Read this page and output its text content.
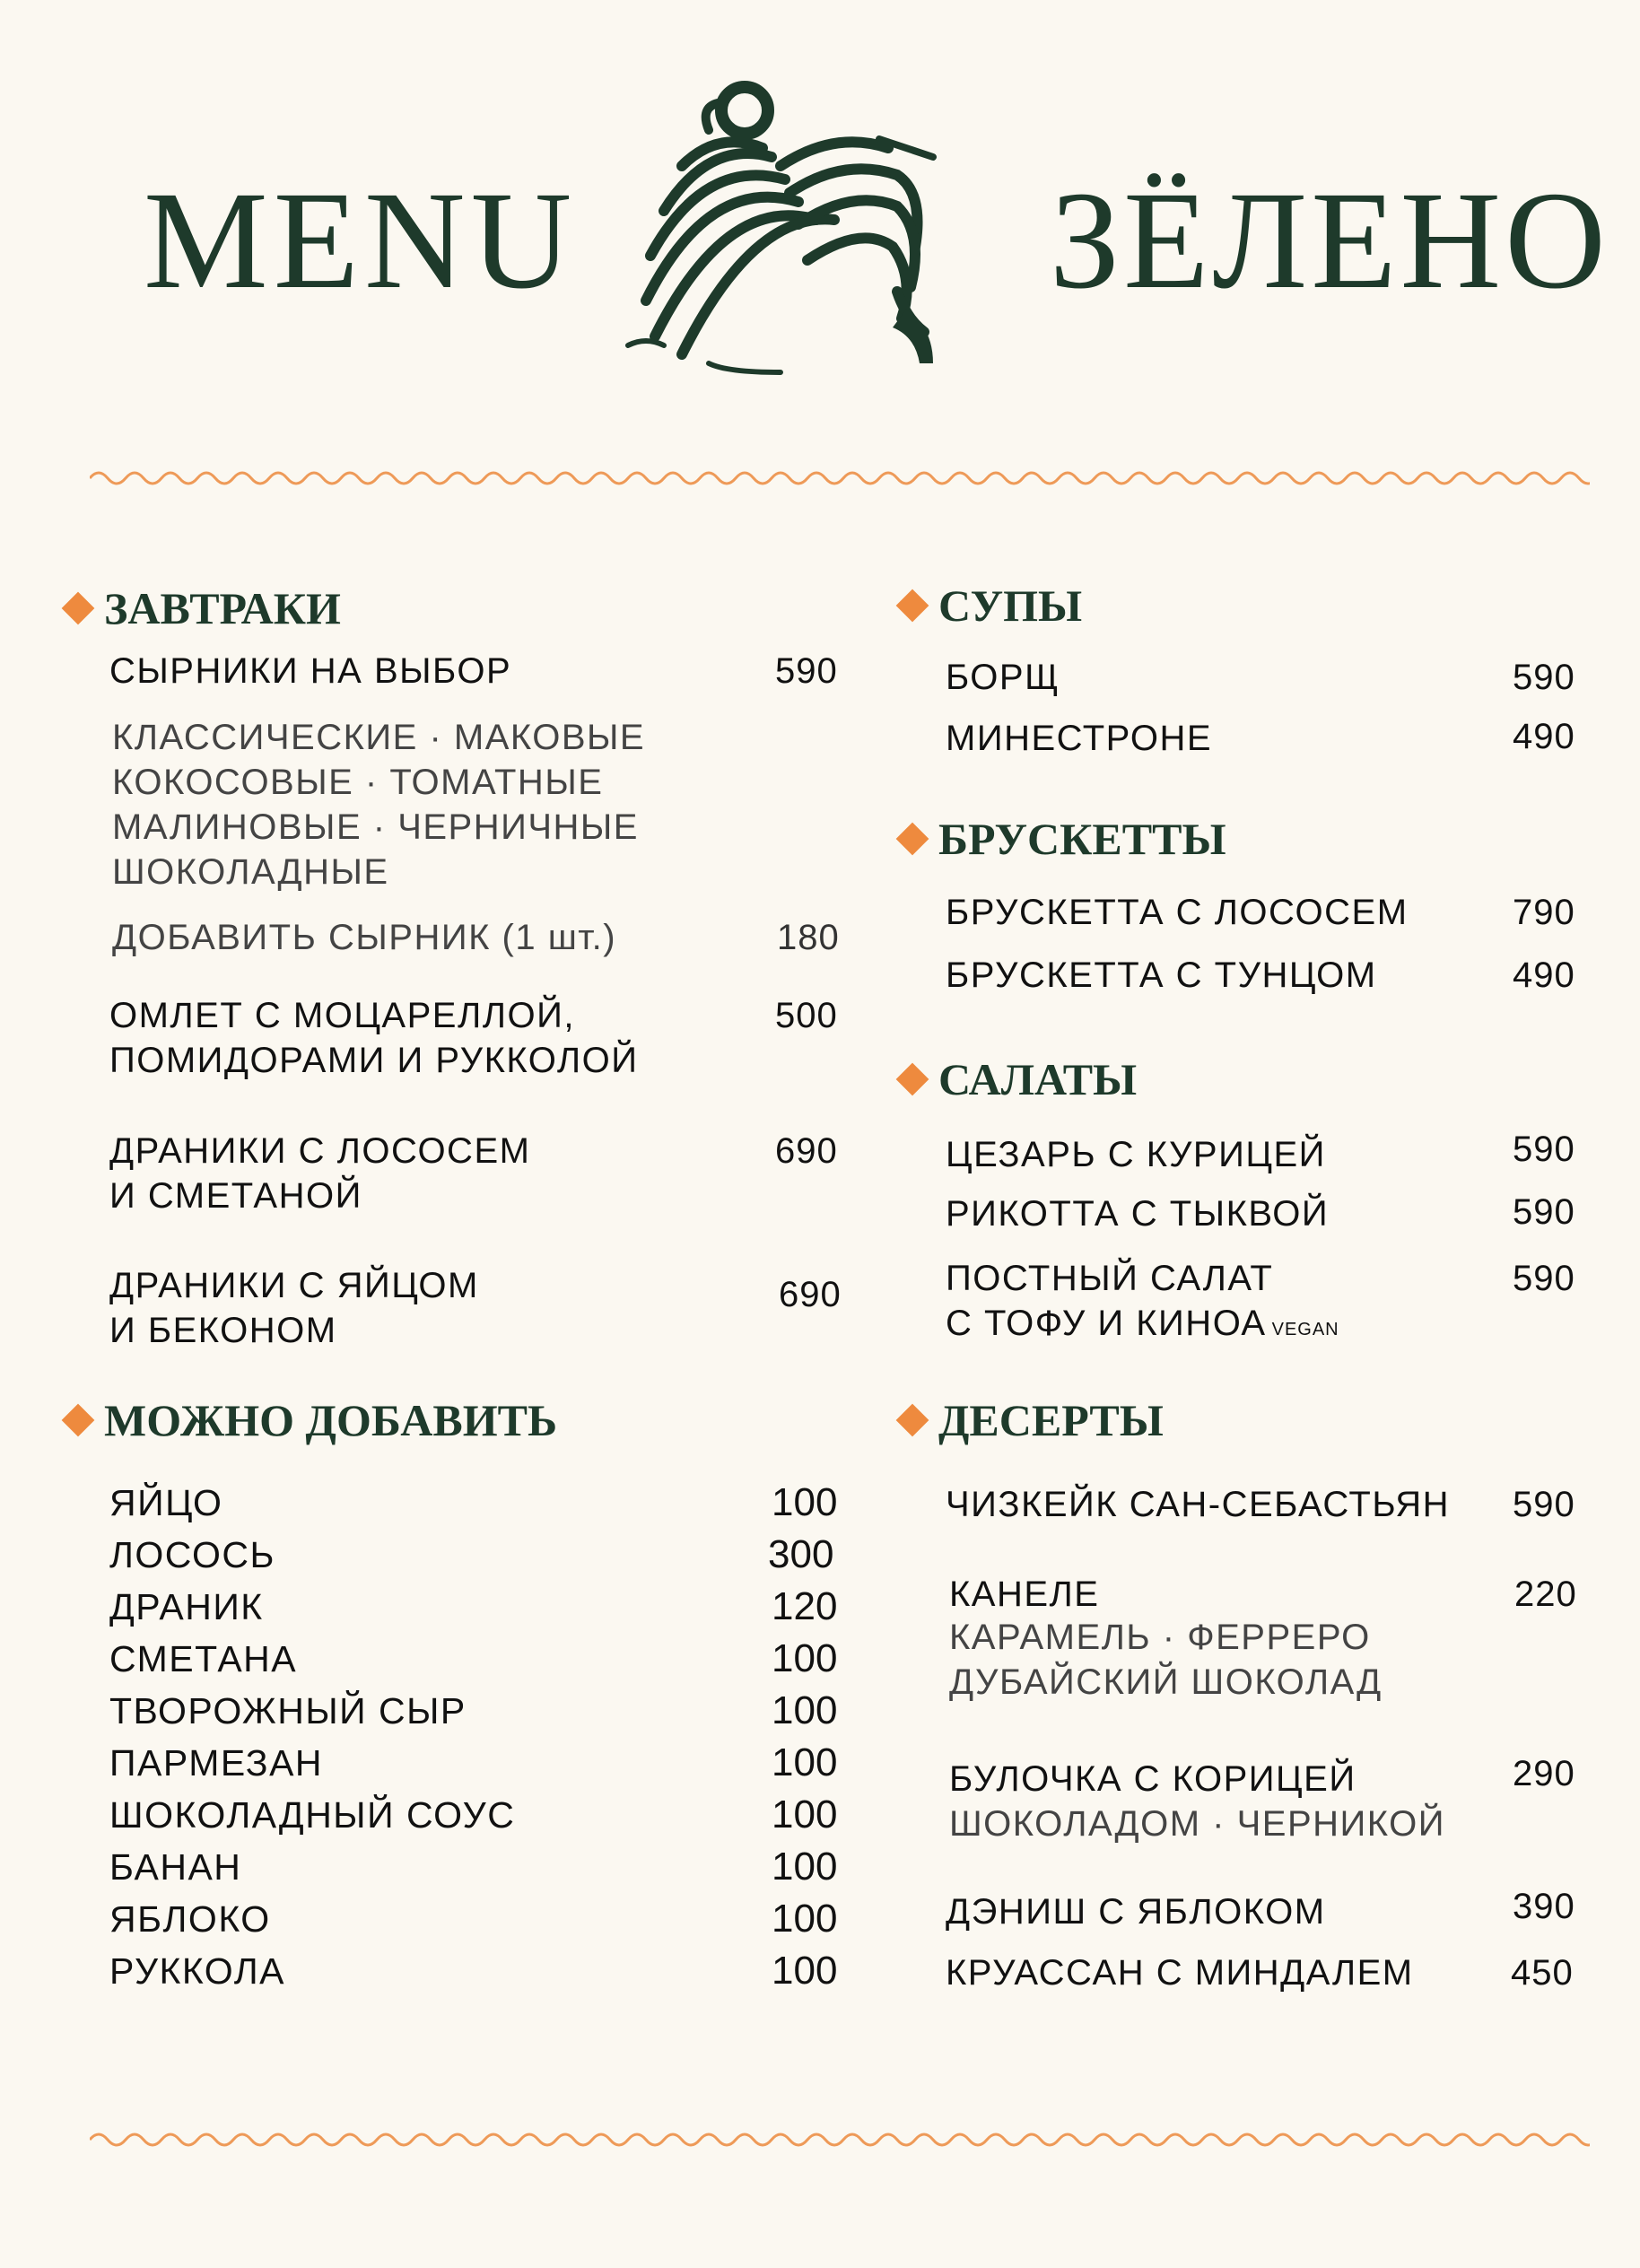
MENU	ЗЁЛЕНО
ЗАВТРАКИ
СЫРНИКИ НА ВЫБОР	590
КЛАССИЧЕСКИЕ · МАКОВЫЕ
КОКОСОВЫЕ · ТОМАТНЫЕ
МАЛИНОВЫЕ · ЧЕРНИЧНЫЕ
ШОКОЛАДНЫЕ
ДОБАВИТЬ СЫРНИК (1 шт.)	180
ОМЛЕТ С МОЦАРЕЛЛОЙ,
ПОМИДОРАМИ И РУККОЛОЙ
500
ДРАНИКИ С ЛОСОСЕМ
И СМЕТАНОЙ
690
ДРАНИКИ С ЯЙЦОМ
И БЕКОНОМ
690
МОЖНО ДОБАВИТЬ
ЯЙЦО	100
ЛОСОСЬ	300
ДРАНИК	120
СМЕТАНА	100
ТВОРОЖНЫЙ СЫР	100
ПАРМЕЗАН	100
ШОКОЛАДНЫЙ СОУС	100
БАНАН	100
ЯБЛОКО	100
РУККОЛА	100
СУПЫ
БОРЩ	590
МИНЕСТРОНЕ	490
БРУСКЕТТЫ
БРУСКЕТТА С ЛОСОСЕМ	790
БРУСКЕТТА С ТУНЦОМ	490
САЛАТЫ
ЦЕЗАРЬ С КУРИЦЕЙ	590
РИКОТТА С ТЫКВОЙ	590
ПОСТНЫЙ САЛАТ
С ТОФУ И КИНОА VEGAN
590
ДЕСЕРТЫ
ЧИЗКЕЙК САН-СЕБАСТЬЯН 590
КАНЕЛЕ
КАРАМЕЛЬ · ФЕРРЕРО
ДУБАЙСКИЙ ШОКОЛАД
220
БУЛОЧКА С КОРИЦЕЙ
ШОКОЛАДОМ · ЧЕРНИКОЙ
290
ДЭНИШ С ЯБЛОКОМ	390
КРУАССАН С МИНДАЛЕМ	450
